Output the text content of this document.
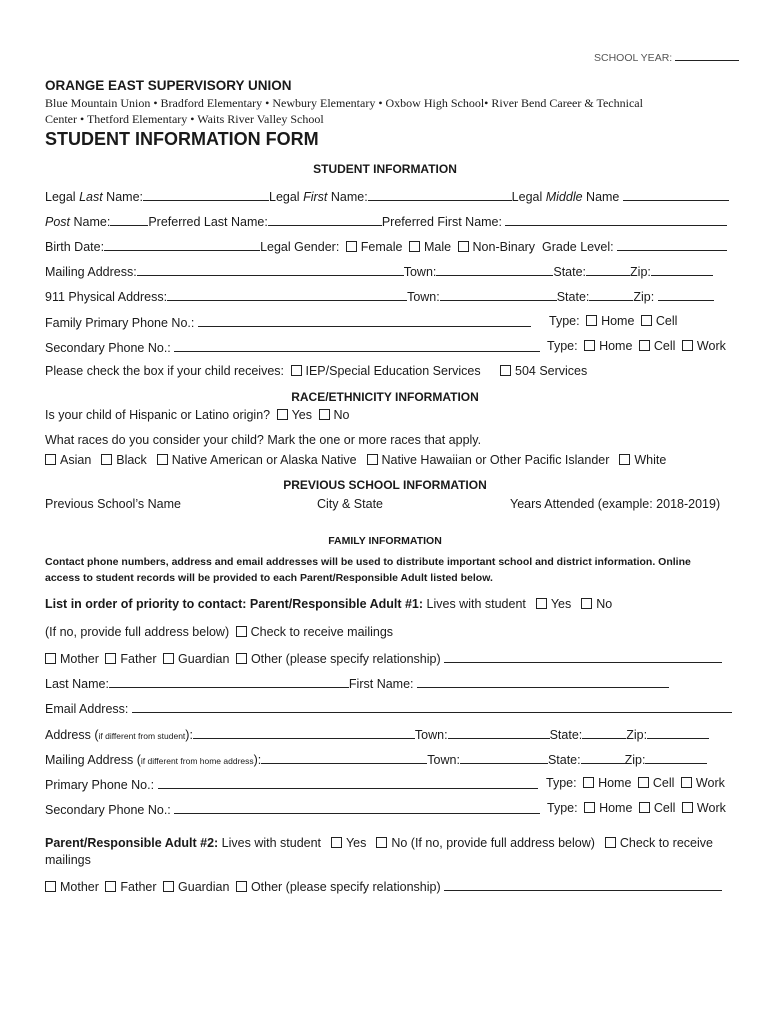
SCHOOL YEAR:
ORANGE EAST SUPERVISORY UNION
Blue Mountain Union • Bradford Elementary • Newbury Elementary • Oxbow High School• River Bend Career & Technical
Center • Thetford Elementary • Waits River Valley School
STUDENT INFORMATION FORM
STUDENT INFORMATION
Legal Last Name:	Legal First Name:	Legal Middle Name
Post Name:	Preferred Last Name:	Preferred First Name:
Birth Date:	Legal Gender: Female Male Non-Binary Grade Level:
Mailing Address:	Town:	State:	Zip:
911 Physical Address:	Town:	State:	Zip:
Family Primary Phone No.:	Type: Home Cell
Secondary Phone No.:	Type: Home Cell Work
Please check the box if your child receives: IEP/Special Education Services	504 Services
RACE/ETHNICITY INFORMATION
Is your child of Hispanic or Latino origin? Yes No
What races do you consider your child? Mark the one or more races that apply.
Asian Black Native American or Alaska Native Native Hawaiian or Other Pacific Islander White
PREVIOUS SCHOOL INFORMATION
Previous School’s Name	City & State	Years Attended (example: 2018-2019)
FAMILY INFORMATION
Contact phone numbers, address and email addresses will be used to distribute important school and district information. Online
access to student records will be provided to each Parent/Responsible Adult listed below.
List in order of priority to contact: Parent/Responsible Adult #1: Lives with student Yes No
(If no, provide full address below) Check to receive mailings
Mother Father Guardian Other (please specify relationship)
Last Name:	First Name:
Email Address:
Address (if different from student):	Town:	State:	Zip:
Mailing Address (if different from home address):	Town:	State:	Zip:
Primary Phone No.:	Type: Home Cell Work
Secondary Phone No.:	Type: Home Cell Work
Parent/Responsible Adult #2: Lives with student Yes No (If no, provide full address below) Check to receive
mailings
Mother Father Guardian Other (please specify relationship)
